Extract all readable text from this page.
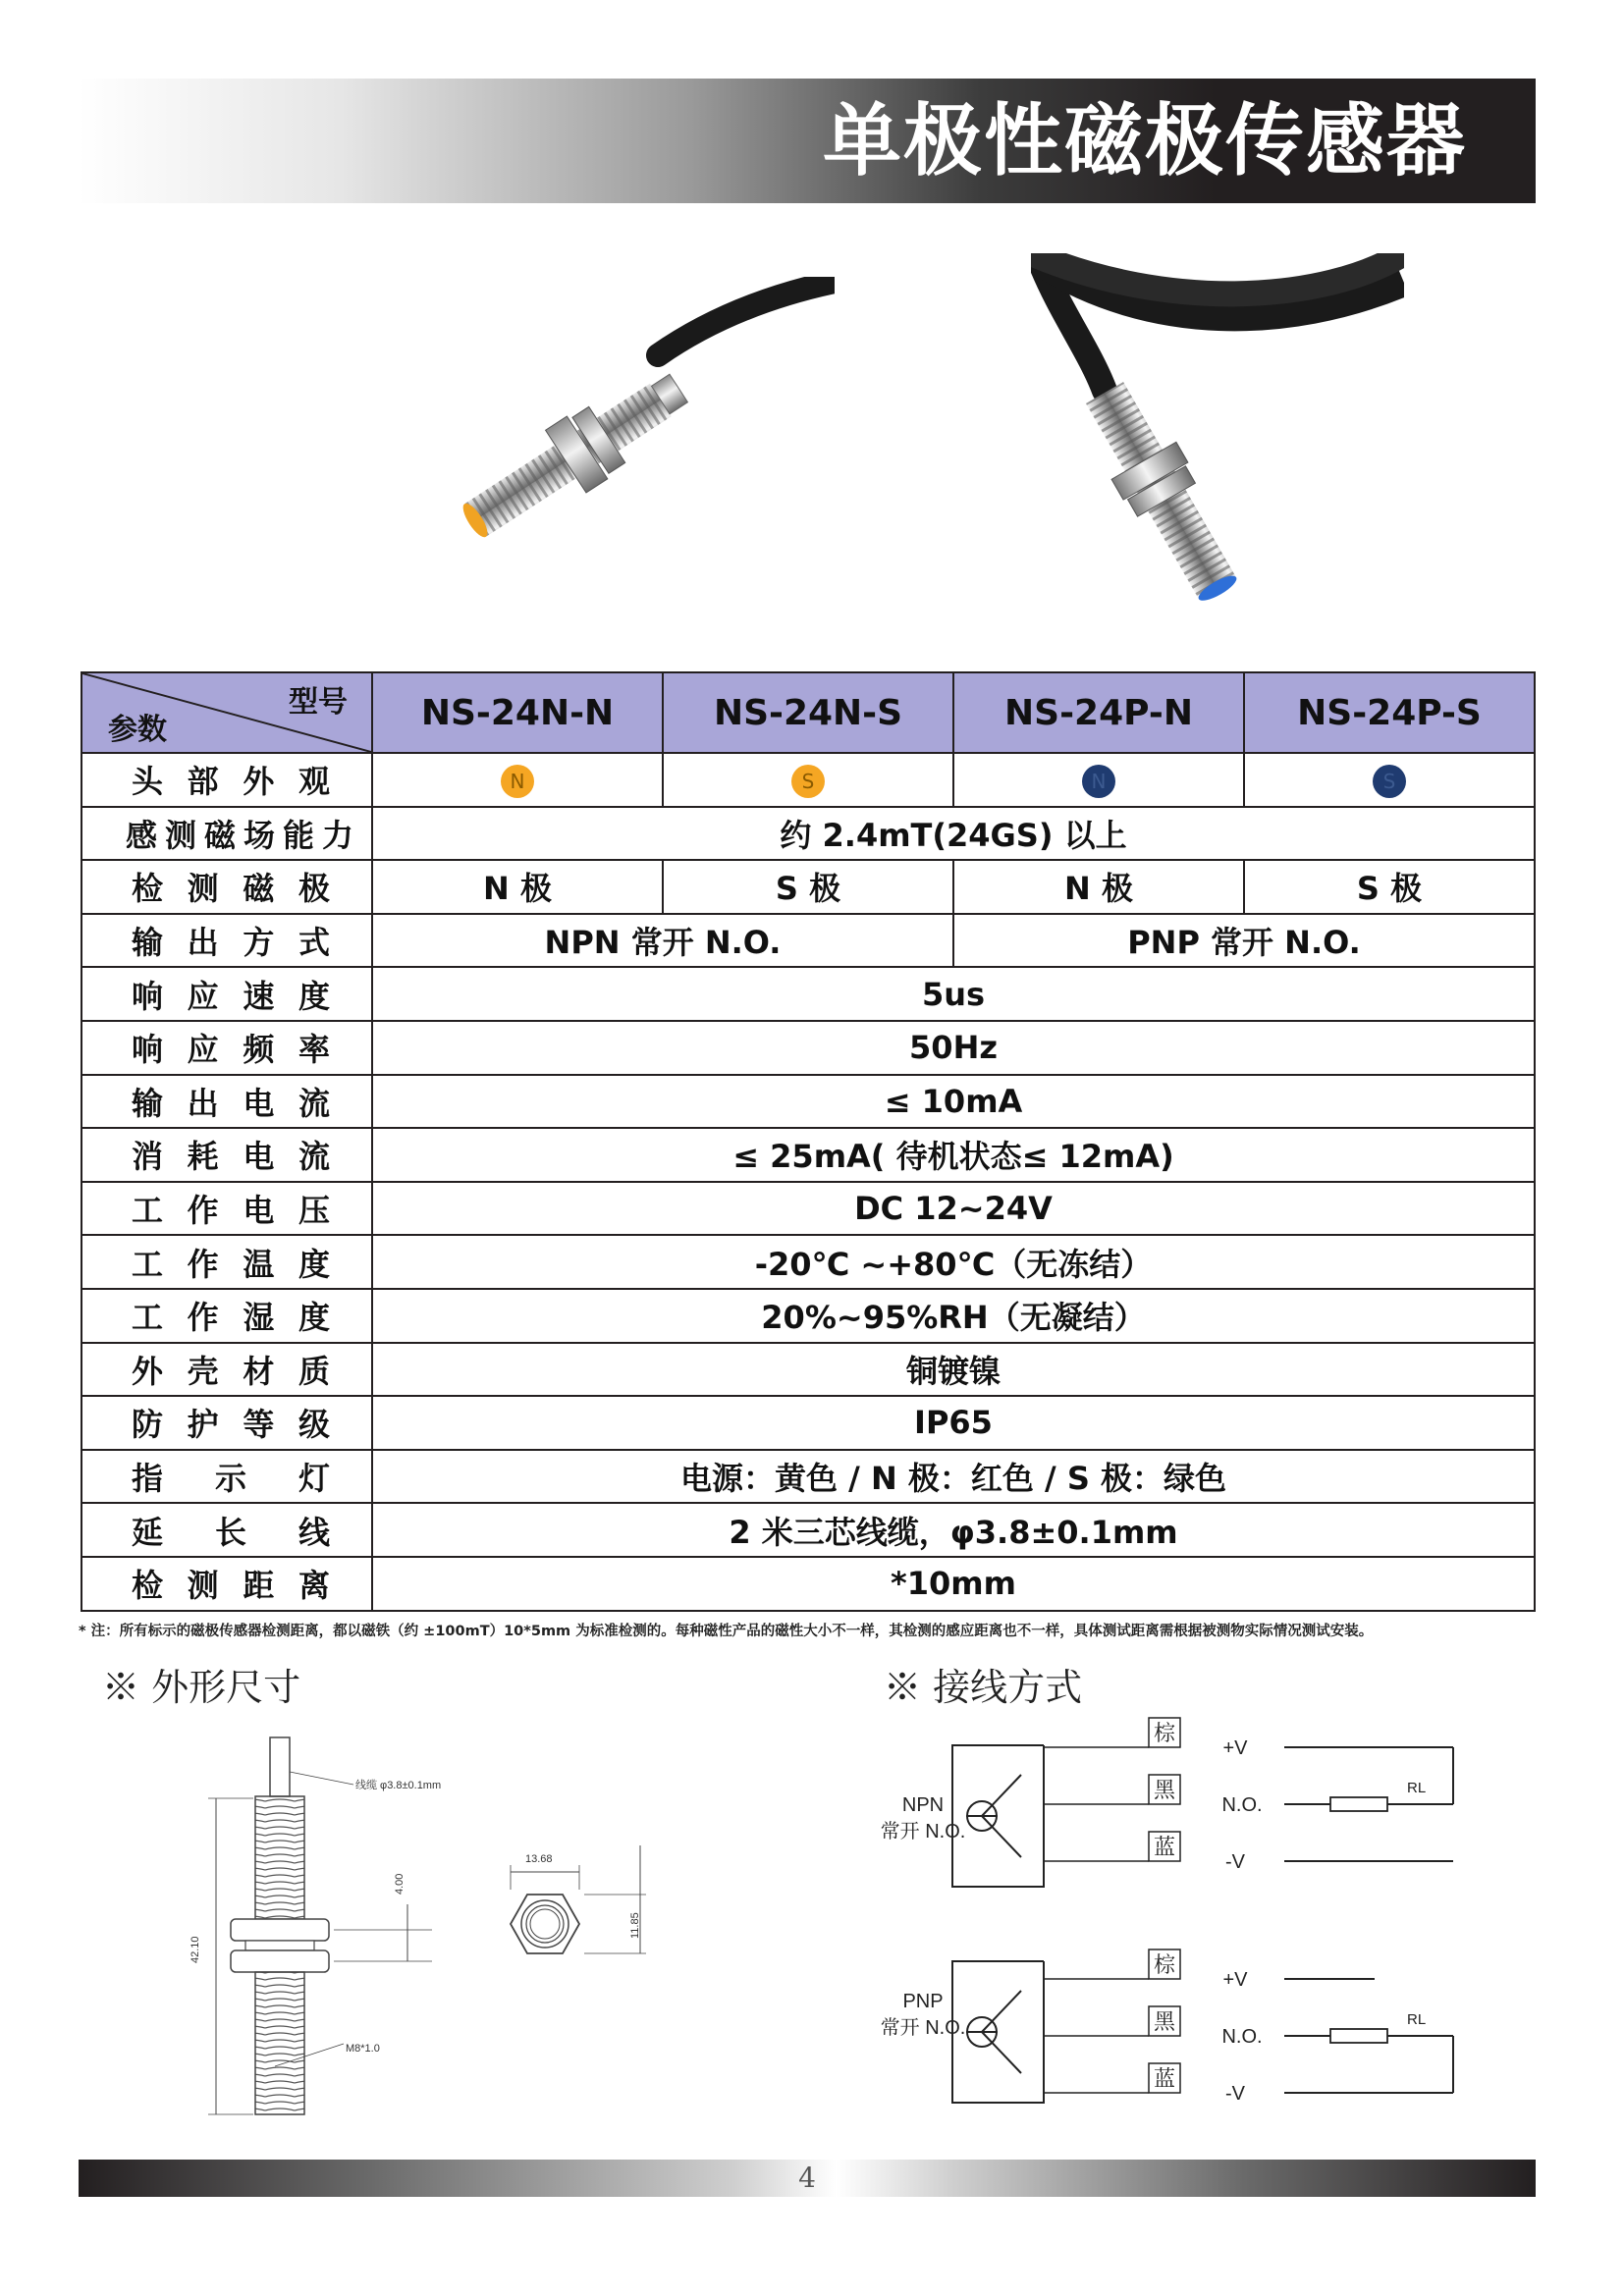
单极性磁极传感器
型号
参数	NS-24N-N	NS-24N-S	NS-24P-N	NS-24P-S
头部外观	N	S	N	S
感测磁场能力	约 2.4mT(24GS) 以上			
检测磁极	N 极	S 极	N 极	S 极
输出方式	NPN 常开 N.O.		PNP 常开 N.O.	
响应速度	5us			
响应频率	50Hz			
输出电流	≤ 10mA			
消耗电流	≤ 25mA( 待机状态≤ 12mA)			
工作电压	DC 12~24V			
工作温度	-20℃ ~+80℃（无冻结）			
工作湿度	20%~95%RH（无凝结）			
外壳材质	铜镀镍			
防护等级	IP65			
指示灯	电源：黄色 / N 极：红色 / S 极：绿色			
延长线	2 米三芯线缆，φ3.8±0.1mm			
检测距离	*10mm			
* 注：所有标示的磁极传感器检测距离，都以磁铁（约 ±100mT）10*5mm 为标准检测的。每种磁性产品的磁性大小不一样，其检测的感应距离也不一样，具体测试距离需根据被测物实际情况测试安装。
※ 外形尺寸	※ 接线方式
42.10
线缆 φ3.8±0.1mm
4.00
M8*1.0
13.68
11.85
NPN
常开 N.O.
棕
黑
蓝
+V
N.O.
-V
RL
PNP
常开 N.O.
棕
黑
蓝
+V
N.O.
-V
RL
4
